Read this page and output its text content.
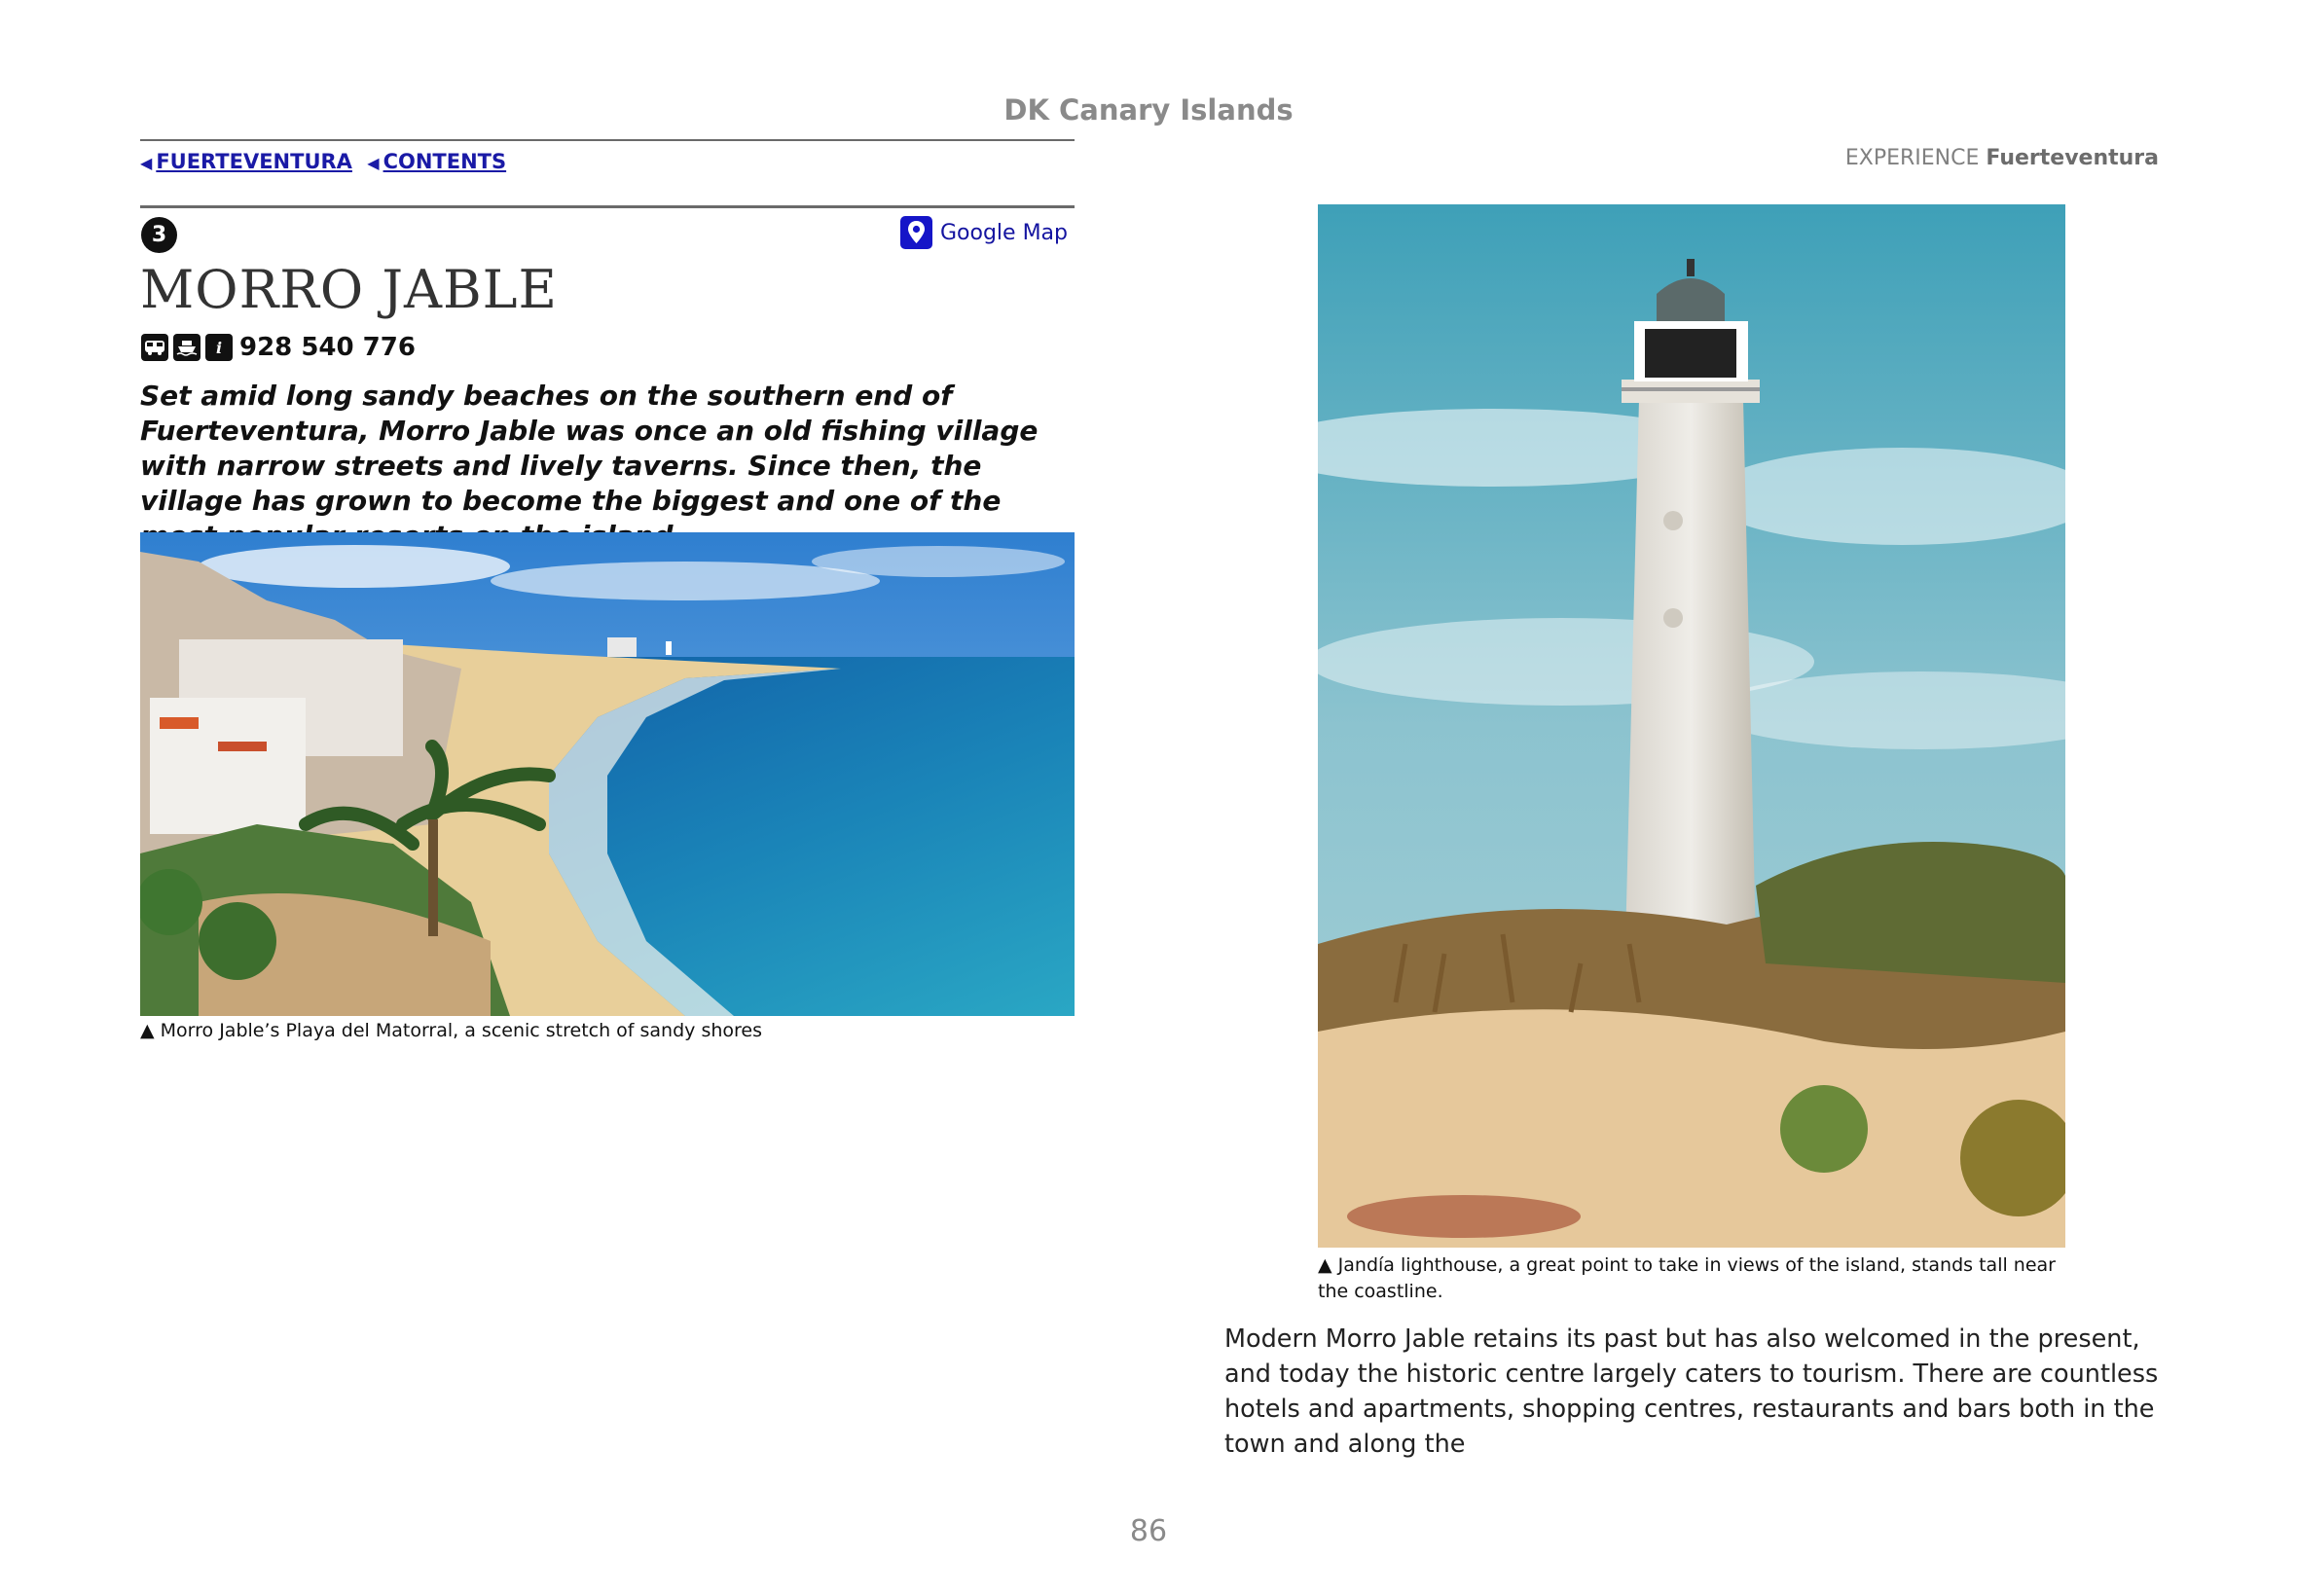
DK Canary Islands
◀ FUERTEVENTURA ◀ CONTENTS	EXPERIENCE Fuerteventura
3	Google Map
MORRO JABLE
i 928 540 776
Set amid long sandy beaches on the southern end of Fuerteventura, Morro Jable was once an old fishing village with narrow streets and lively taverns. Since then, the village has grown to become the biggest and one of the
▲ Morro Jable’s Playa del Matorral, a scenic stretch of sandy shores
▲ Jandía lighthouse, a great point to take in views of the island, stands tall near the coastline.
Modern Morro Jable retains its past but has also welcomed in the present, and today the historic centre largely caters to tourism. There are countless hotels and apartments, shopping centres, restaurants and bars both in the town and along the
86
